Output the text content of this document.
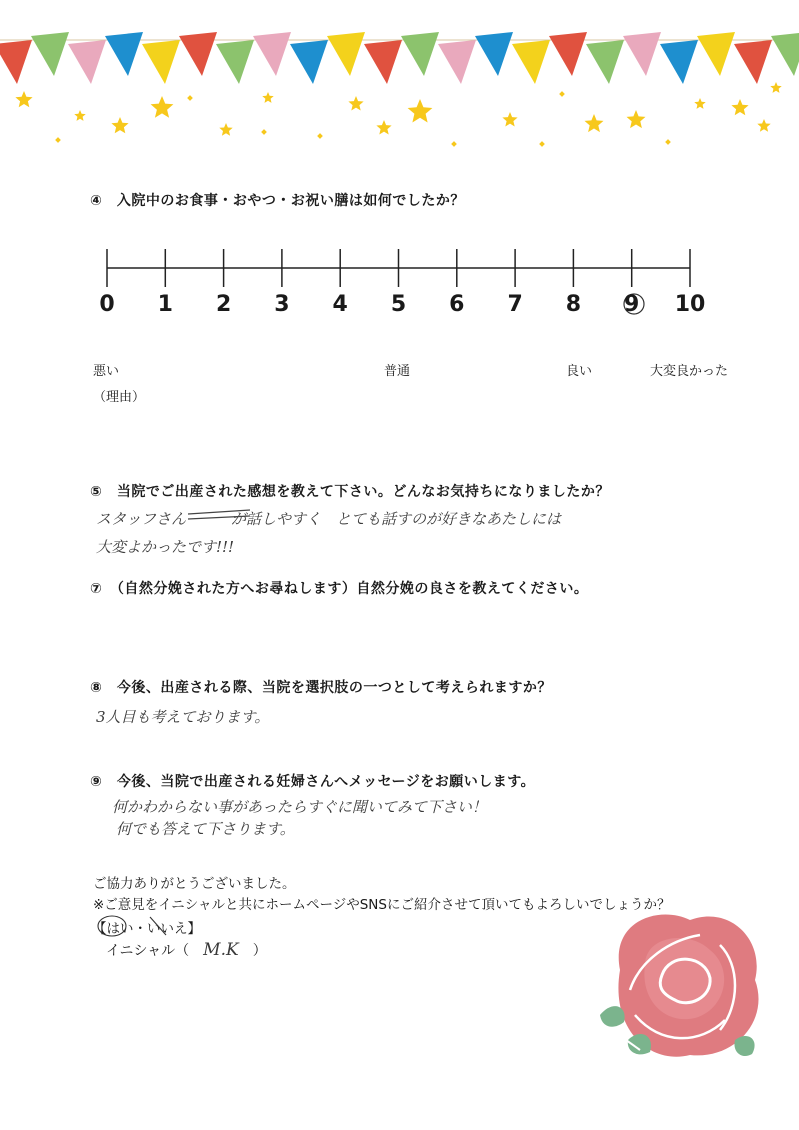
④　入院中のお食事・おやつ・お祝い膳は如何でしたか？
0	1	2	3	4	5	6	7	8	9	10
悪い	普通	良い	大変良かった
（理由）
⑤　当院でご出産された感想を教えて下さい。どんなお気持ちになりましたか？
スタッフさん　　　が話しやすく　とても話すのが好きなあたしには
大変よかったです!!!
⑦　（自然分娩された方へお尋ねします）自然分娩の良さを教えてください。
⑧　今後、出産される際、当院を選択肢の一つとして考えられますか？
3人目も考えております。
⑨　今後、当院で出産される妊婦さんへメッセージをお願いします。
何かわからない事があったらすぐに聞いてみて下さい！
何でも答えて下さります。
ご協力ありがとうございました。
※ご意見をイニシャルと共にホームページやSNSにご紹介させて頂いてもよろしいでしょうか？
【はい・いいえ】
イニシャル（ M.K ）
